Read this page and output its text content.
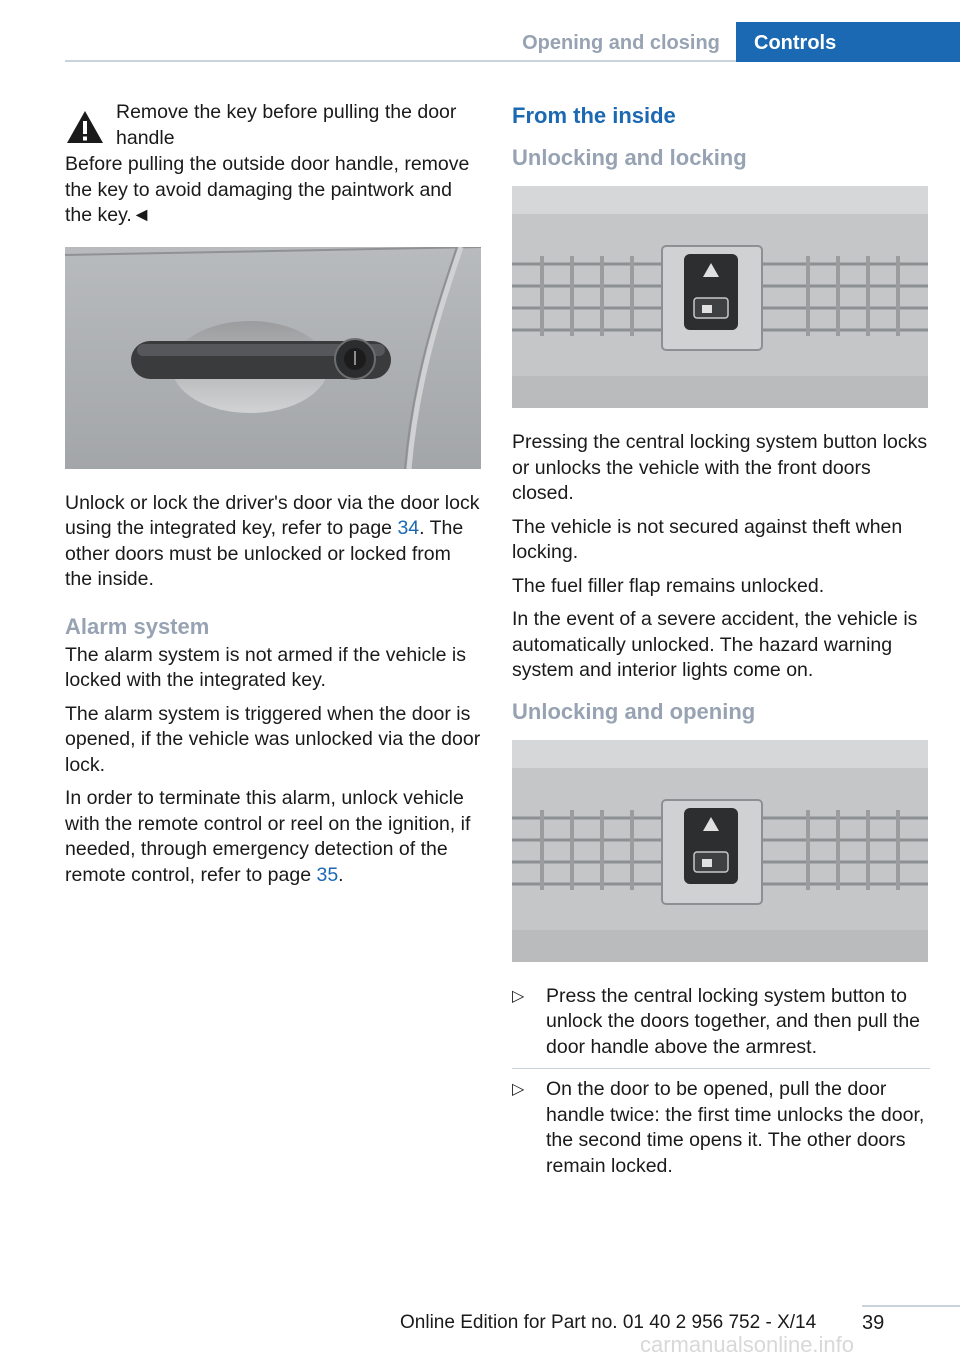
Opening and closing	Controls
Remove the key before pulling the door handle

Before pulling the outside door handle, remove the key to avoid damaging the paintwork and the key.◄

Unlock or lock the driver's door via the door lock using the integrated key, refer to page 34. The other doors must be unlocked or locked from the inside.

Alarm system

The alarm system is not armed if the vehicle is locked with the integrated key.

The alarm system is triggered when the door is opened, if the vehicle was unlocked via the door lock.

In order to terminate this alarm, unlock vehicle with the remote control or reel on the ignition, if needed, through emergency detection of the remote control, refer to page 35.

From the inside
Unlocking and locking

Pressing the central locking system button locks or unlocks the vehicle with the front doors closed.

The vehicle is not secured against theft when locking.

The fuel filler flap remains unlocked.

In the event of a severe accident, the vehicle is automatically unlocked. The hazard warning system and interior lights come on.

Unlocking and opening
▷ Press the central locking system button to unlock the doors together, and then pull the door handle above the armrest.
▷ On the door to be opened, pull the door handle twice: the first time unlocks the door, the second time opens it. The other doors remain locked.
39
Online Edition for Part no. 01 40 2 956 752 - X/14
carmanualsonline.info
